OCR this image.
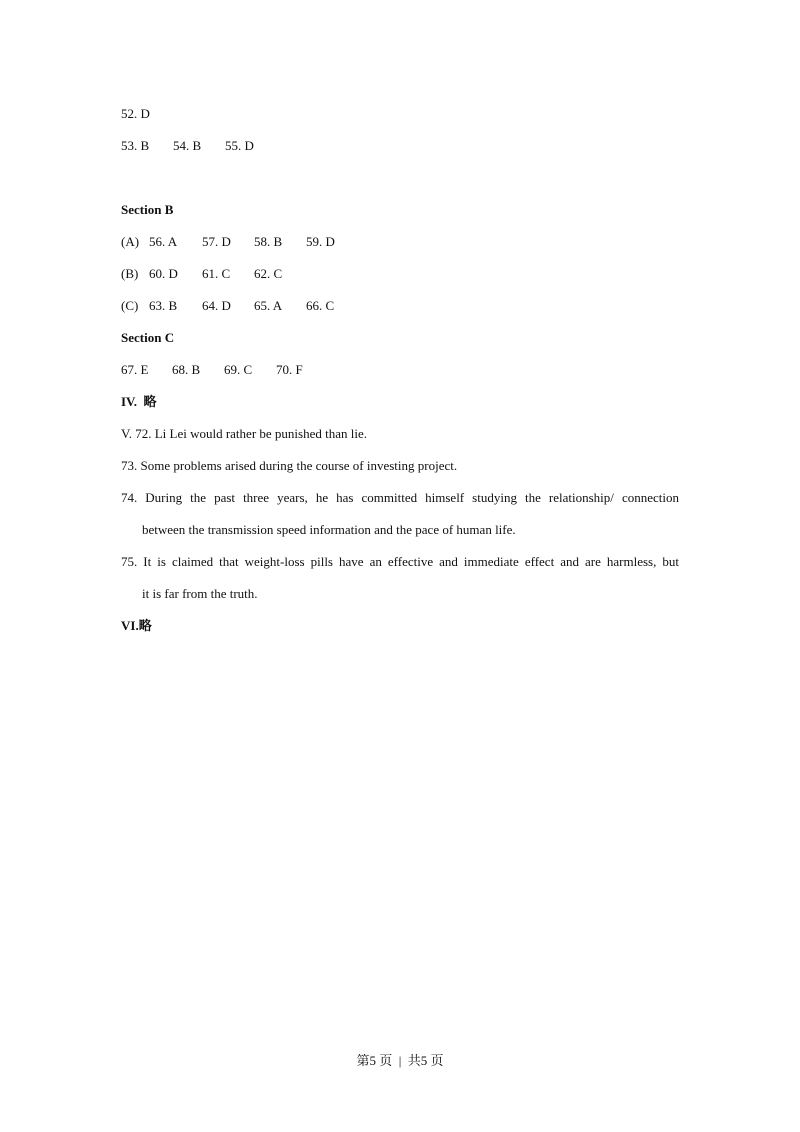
52. D
53. B 54. B 55. D
Section B
(A) 56. A 57. D 58. B 59. D
(B) 60. D 61. C 62. C
(C) 63. B 64. D 65. A 66. C
Section C
67. E 68. B 69. C 70. F
IV.  略
V. 72. Li Lei would rather be punished than lie.
73. Some problems arised during the course of investing project.
74. During the past three years, he has committed himself studying the relationship/ connection
between the transmission speed information and the pace of human life.
75. It is claimed that weight-loss pills have an effective and immediate effect and are harmless, but
it is far from the truth.
VI.略
第5 页  |  共5 页
